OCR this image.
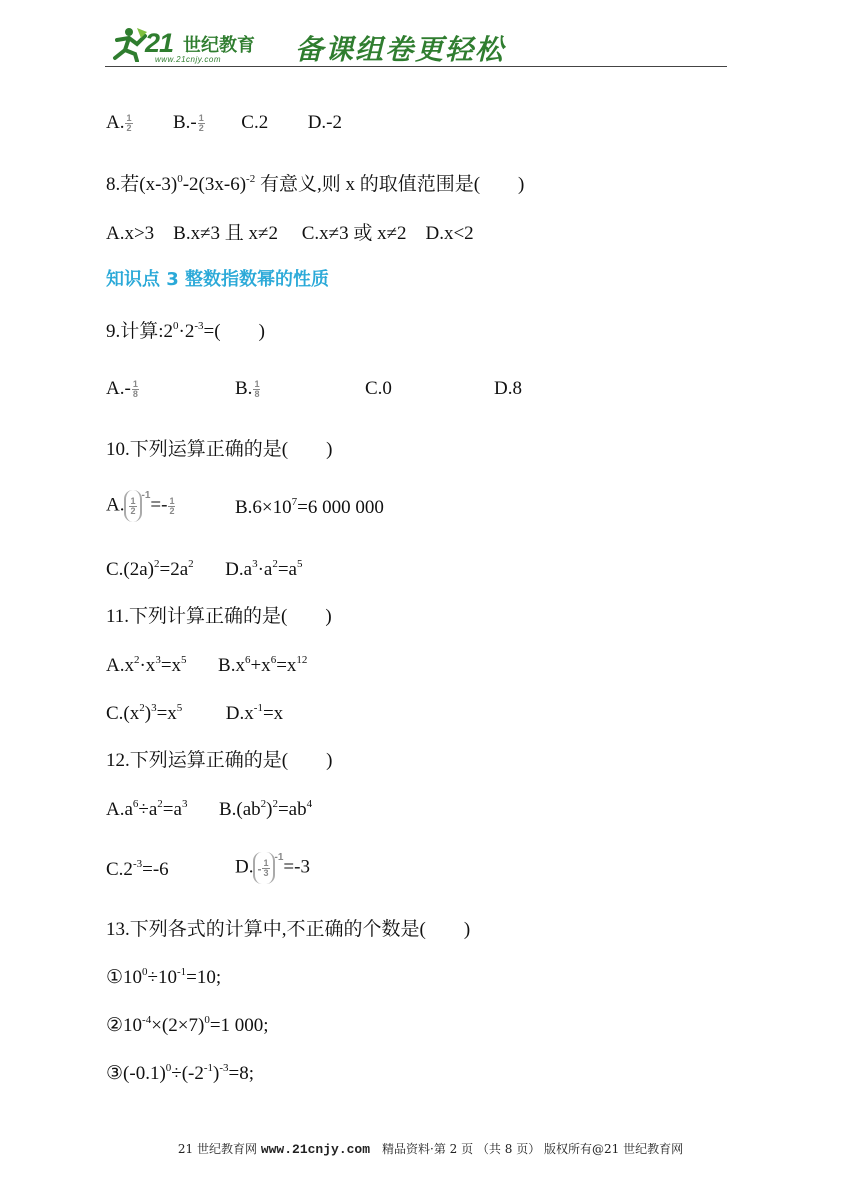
21 世纪教育
www.21cnjy.com	备课组卷更轻松
A. $\frac{1}{2} B.- \frac{1}{2} C.2$ D.-2
8.若$(x-3)^0-2(3x-6)^{-2}$ 有意义,则 x 的取值范围是(　　)
A.x>3　B.x≠3 且 x≠2　 C.x≠3 或 x≠2　D.x<2
知识点 3 整数指数幂的性质
9.计算$:2^0\cdot 2^{-3}=$(　　)
$A.- \frac{1}{8}$	B. $\frac{1}{8}$	C.0	D.8
10.下列运算正确的是(　　)
A. $\frac{1}{2}$
$-1=- \frac{1}{2}$	$B.6\times 10^7=6$ 000 000
$C.(2a)^2=2a^2$ $D.a^3\cdot a^2=a^5$
11.下列计算正确的是(　　)
$A.x^2\cdot x^3=x^5$ $B.x^6+x^6=x^{12}$
$C.(x^2)^3=x^5$ $D.x^{-1}=x$
12.下列运算正确的是(　　)
$A.a^6\div a^2=a^3$ $B.(ab^2)^2=ab^4$
$C.2^{-3}=-6$	D. - $\frac{1}{3}$
-1=-3
13.下列各式的计算中,不正确的个数是(　　)
$①10^0\div 10^{-1}=10$;
$②10^{-4}\times(2\times 7)^0=1$ 000;
$③(-0.1)^0\div(-2^{-1})^{-3}=8$;
21 世纪教育网 www.21cnjy.com　精品资料·第 2 页 （共 8 页） 版权所有@21 世纪教育网
